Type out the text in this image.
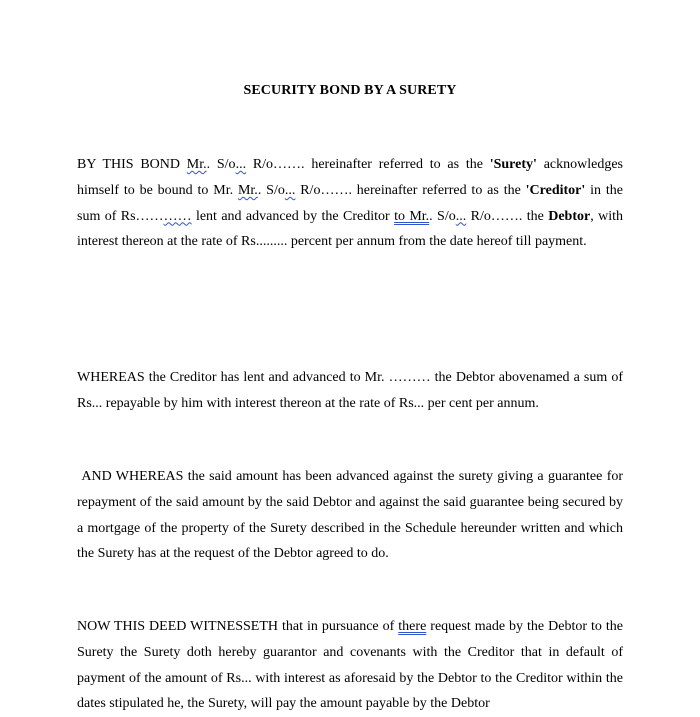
SECURITY BOND BY A SURETY
BY THIS BOND Mr.. S/o... R/o……. hereinafter referred to as the 'Surety' acknowledges himself to be bound to Mr. Mr.. S/o... R/o……. hereinafter referred to as the 'Creditor' in the sum of Rs………… lent and advanced by the Creditor to Mr.. S/o... R/o……. the Debtor, with interest thereon at the rate of Rs......... percent per annum from the date hereof till payment.
WHEREAS the Creditor has lent and advanced to Mr. ……… the Debtor abovenamed a sum of Rs... repayable by him with interest thereon at the rate of Rs... per cent per annum.
AND WHEREAS the said amount has been advanced against the surety giving a guarantee for repayment of the said amount by the said Debtor and against the said guarantee being secured by a mortgage of the property of the Surety described in the Schedule hereunder written and which the Surety has at the request of the Debtor agreed to do.
NOW THIS DEED WITNESSETH that in pursuance of there request made by the Debtor to the Surety the Surety doth hereby guarantor and covenants with the Creditor that in default of payment of the amount of Rs... with interest as aforesaid by the Debtor to the Creditor within the dates stipulated he, the Surety, will pay the amount payable by the Debtor
